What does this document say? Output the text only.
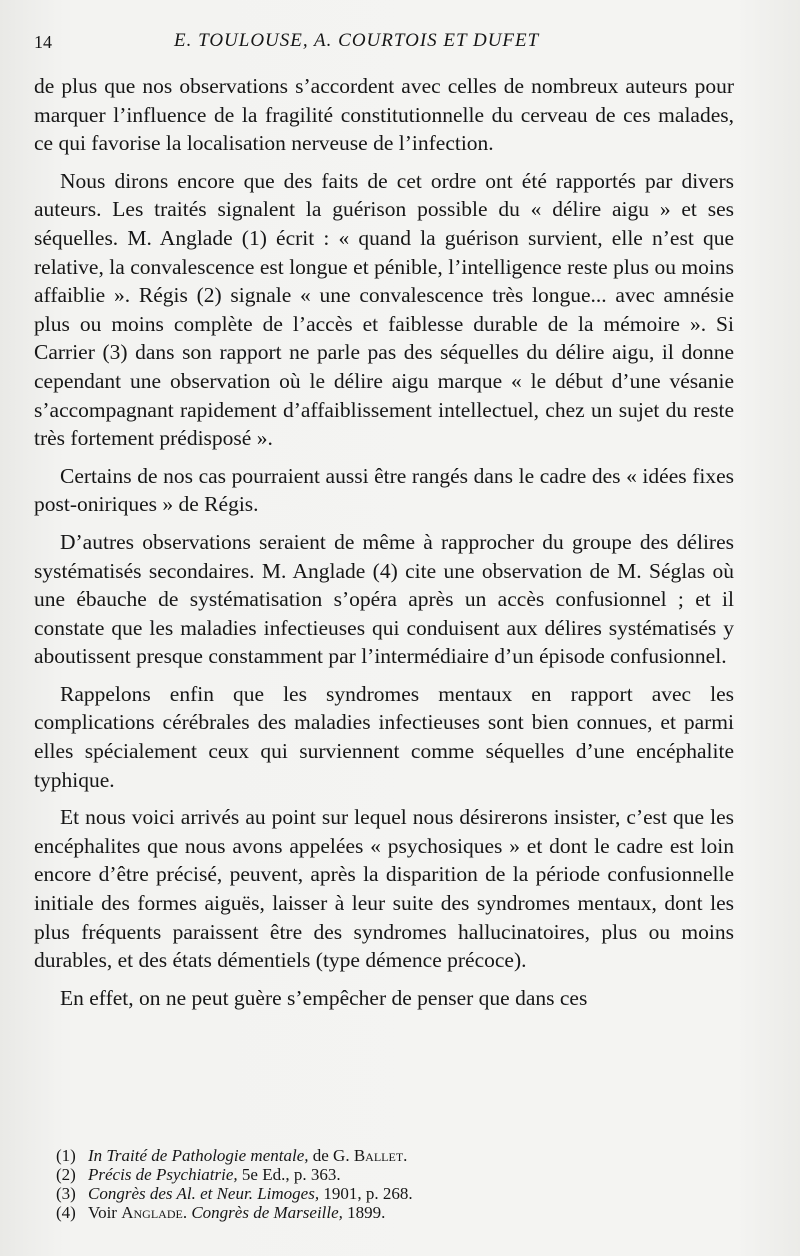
14	E. TOULOUSE, A. COURTOIS ET DUFET

de plus que nos observations s’accordent avec celles de nombreux auteurs pour marquer l’influence de la fragilité constitutionnelle du cerveau de ces malades, ce qui favorise la localisation nerveuse de l’infection.

Nous dirons encore que des faits de cet ordre ont été rapportés par divers auteurs. Les traités signalent la guérison possible du « délire aigu » et ses séquelles. M. Anglade (1) écrit : « quand la guérison survient, elle n’est que relative, la convalescence est longue et pénible, l’intelligence reste plus ou moins affaiblie ». Régis (2) signale « une convalescence très longue... avec amnésie plus ou moins complète de l’accès et faiblesse durable de la mémoire ». Si Carrier (3) dans son rapport ne parle pas des séquelles du délire aigu, il donne cependant une observation où le délire aigu marque « le début d’une vésanie s’accompagnant rapidement d’affaiblissement intellectuel, chez un sujet du reste très fortement prédisposé ».

Certains de nos cas pourraient aussi être rangés dans le cadre des « idées fixes post-oniriques » de Régis.

D’autres observations seraient de même à rapprocher du groupe des délires systématisés secondaires. M. Anglade (4) cite une observation de M. Séglas où une ébauche de systématisation s’opéra après un accès confusionnel ; et il constate que les maladies infectieuses qui conduisent aux délires systématisés y aboutissent presque constamment par l’intermédiaire d’un épisode confusionnel.

Rappelons enfin que les syndromes mentaux en rapport avec les complications cérébrales des maladies infectieuses sont bien connues, et parmi elles spécialement ceux qui surviennent comme séquelles d’une encéphalite typhique.

Et nous voici arrivés au point sur lequel nous désirerons insister, c’est que les encéphalites que nous avons appelées « psychosiques » et dont le cadre est loin encore d’être précisé, peuvent, après la disparition de la période confusionnelle initiale des formes aiguës, laisser à leur suite des syndromes mentaux, dont les plus fréquents paraissent être des syndromes hallucinatoires, plus ou moins durables, et des états démentiels (type démence précoce).

En effet, on ne peut guère s’empêcher de penser que dans ces

(1) In Traité de Pathologie mentale, de G. Ballet.
(2) Précis de Psychiatrie, 5e Ed., p. 363.
(3) Congrès des Al. et Neur. Limoges, 1901, p. 268.
(4) Voir Anglade. Congrès de Marseille, 1899.
